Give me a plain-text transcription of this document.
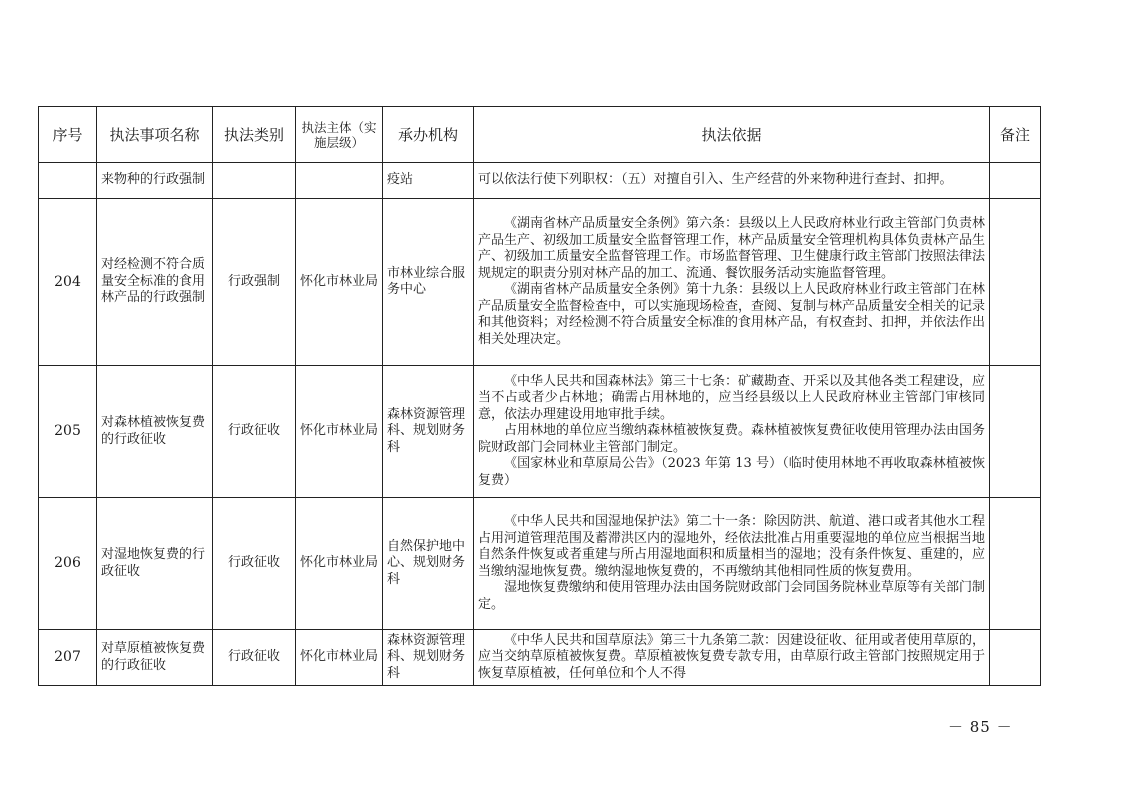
序号	执法事项名称	执法类别	执法主体（实施层级）	承办机构	执法依据	备注
	来物种的行政强制			疫站	可以依法行使下列职权：（五）对擅自引入、生产经营的外来物种进行查封、扣押。	

204	对经检测不符合质量安全标准的食用林产品的行政强制	行政强制	怀化市林业局	市林业综合服务中心	《湖南省林产品质量安全条例》第六条：县级以上人民政府林业行政主管部门负责林产品生产、初级加工质量安全监督管理工作，林产品质量安全管理机构具体负责林产品生产、初级加工质量安全监督管理工作。市场监督管理、卫生健康行政主管部门按照法律法规规定的职责分别对林产品的加工、流通、餐饮服务活动实施监督管理。

《湖南省林产品质量安全条例》第十九条：县级以上人民政府林业行政主管部门在林产品质量安全监督检查中，可以实施现场检查，查阅、复制与林产品质量安全相关的记录和其他资料；对经检测不符合质量安全标准的食用林产品，有权查封、扣押，并依法作出相关处理决定。	

205	对森林植被恢复费的行政征收	行政征收	怀化市林业局	森林资源管理科、规划财务科	《中华人民共和国森林法》第三十七条：矿藏勘查、开采以及其他各类工程建设，应当不占或者少占林地；确需占用林地的，应当经县级以上人民政府林业主管部门审核同意，依法办理建设用地审批手续。

占用林地的单位应当缴纳森林植被恢复费。森林植被恢复费征收使用管理办法由国务院财政部门会同林业主管部门制定。

《国家林业和草原局公告》（2023 年第 13 号）（临时使用林地不再收取森林植被恢复费）	

206	对湿地恢复费的行政征收	行政征收	怀化市林业局	自然保护地中心、规划财务科	《中华人民共和国湿地保护法》第二十一条：除因防洪、航道、港口或者其他水工程占用河道管理范围及蓄滞洪区内的湿地外，经依法批准占用重要湿地的单位应当根据当地自然条件恢复或者重建与所占用湿地面积和质量相当的湿地；没有条件恢复、重建的，应当缴纳湿地恢复费。缴纳湿地恢复费的，不再缴纳其他相同性质的恢复费用。

湿地恢复费缴纳和使用管理办法由国务院财政部门会同国务院林业草原等有关部门制定。	

207	对草原植被恢复费的行政征收	行政征收	怀化市林业局	森林资源管理科、规划财务科	《中华人民共和国草原法》第三十九条第二款：因建设征收、征用或者使用草原的，应当交纳草原植被恢复费。草原植被恢复费专款专用，由草原行政主管部门按照规定用于恢复草原植被，任何单位和个人不得	

－ 85 －
